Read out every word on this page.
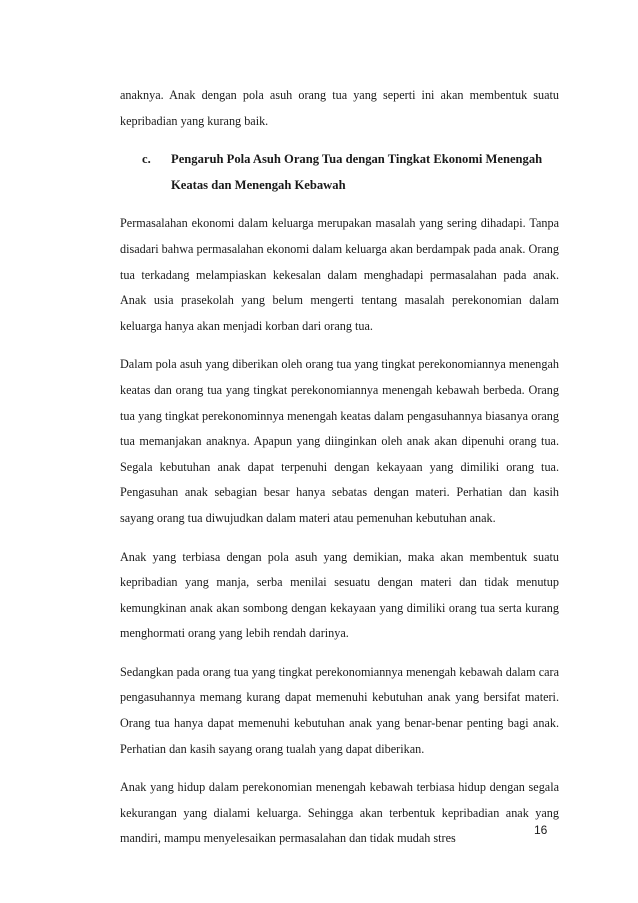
anaknya. Anak dengan pola asuh orang tua yang seperti ini akan membentuk suatu kepribadian yang kurang baik.

c.	Pengaruh Pola Asuh Orang Tua dengan Tingkat Ekonomi Menengah Keatas dan Menengah Kebawah

Permasalahan ekonomi dalam keluarga merupakan masalah yang sering dihadapi. Tanpa disadari bahwa permasalahan ekonomi dalam keluarga akan berdampak pada anak. Orang tua terkadang melampiaskan kekesalan dalam menghadapi permasalahan pada anak. Anak usia prasekolah yang belum mengerti tentang masalah perekonomian dalam keluarga hanya akan menjadi korban dari orang tua.

Dalam pola asuh yang diberikan oleh orang tua yang tingkat perekonomiannya menengah keatas dan orang tua yang tingkat perekonomiannya menengah kebawah berbeda. Orang tua yang tingkat perekonominnya menengah keatas dalam pengasuhannya biasanya orang tua memanjakan anaknya. Apapun yang diinginkan oleh anak akan dipenuhi orang tua. Segala kebutuhan anak dapat terpenuhi dengan kekayaan yang dimiliki orang tua. Pengasuhan anak sebagian besar hanya sebatas dengan materi. Perhatian dan kasih sayang orang tua diwujudkan dalam materi atau pemenuhan kebutuhan anak.

Anak yang terbiasa dengan pola asuh yang demikian, maka akan membentuk suatu kepribadian yang manja, serba menilai sesuatu dengan materi dan tidak menutup kemungkinan anak akan sombong dengan kekayaan yang dimiliki orang tua serta kurang menghormati orang yang lebih rendah darinya.

Sedangkan pada orang tua yang tingkat perekonomiannya menengah kebawah dalam cara pengasuhannya memang kurang dapat memenuhi kebutuhan anak yang bersifat materi. Orang tua hanya dapat memenuhi kebutuhan anak yang benar-benar penting bagi anak. Perhatian dan kasih sayang orang tualah yang dapat diberikan.

Anak yang hidup dalam perekonomian menengah kebawah terbiasa hidup dengan segala kekurangan yang dialami keluarga. Sehingga akan terbentuk kepribadian anak yang mandiri, mampu menyelesaikan permasalahan dan tidak mudah stres

16
